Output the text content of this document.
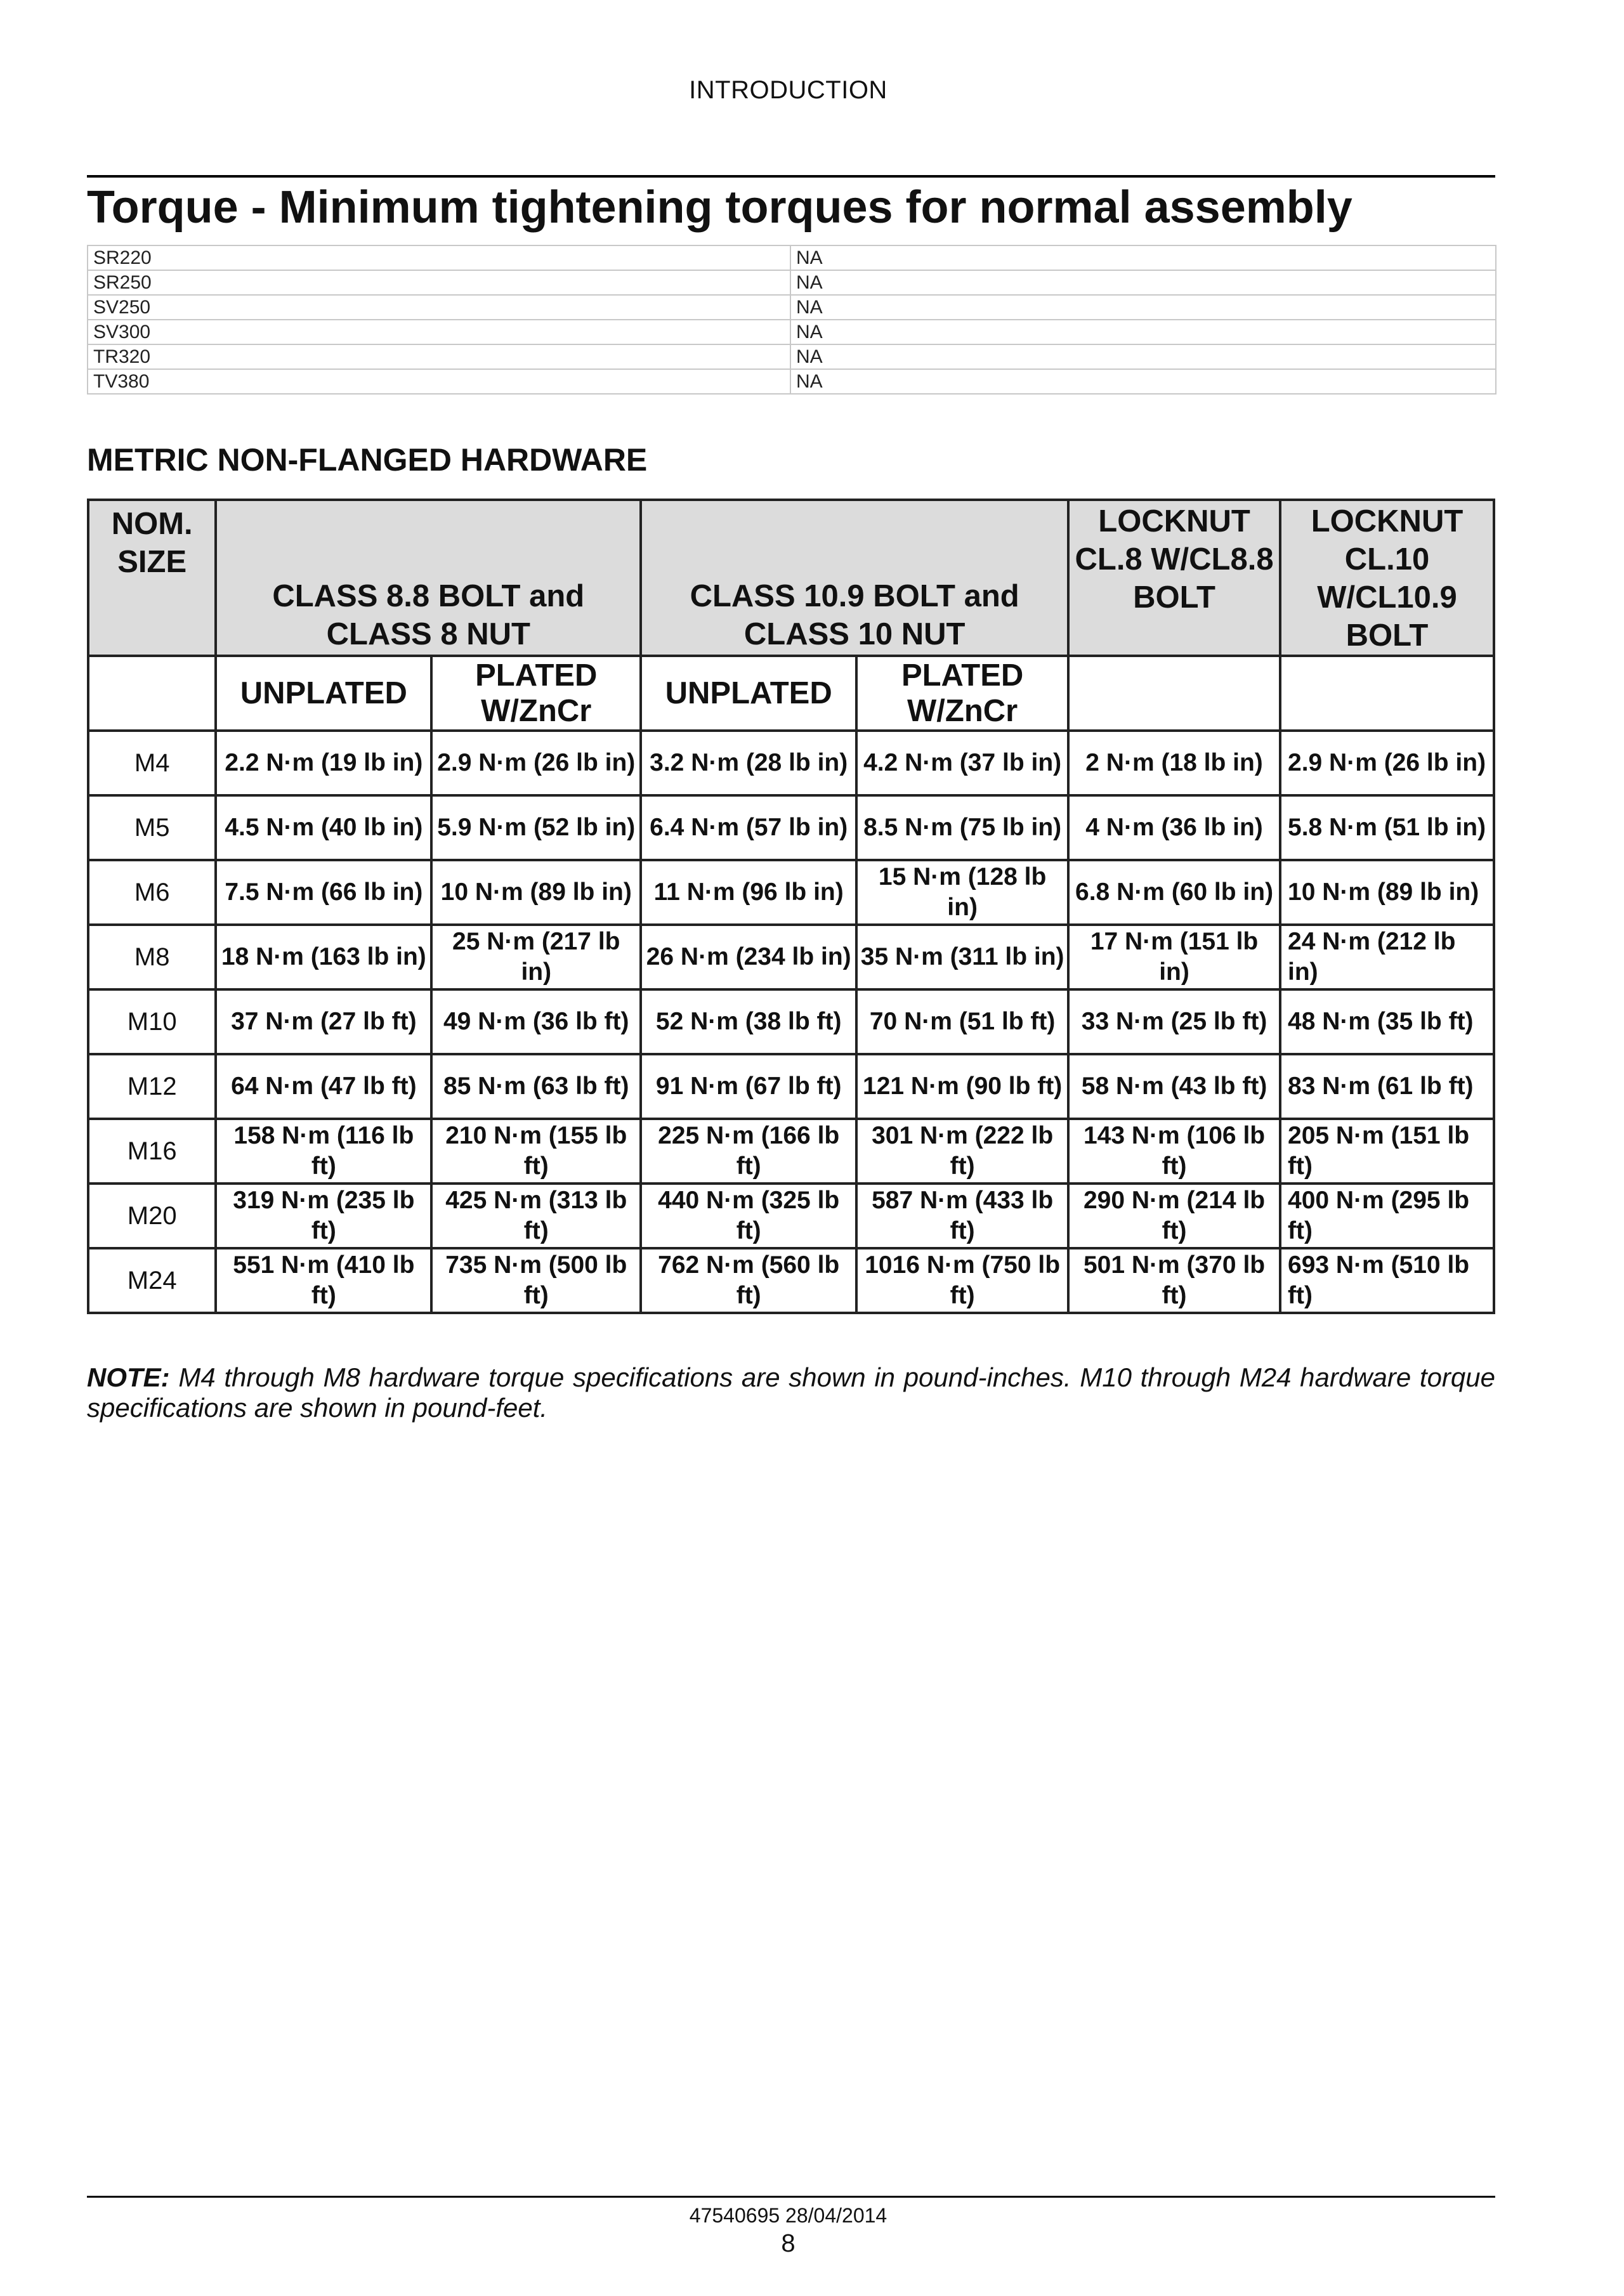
INTRODUCTION
Torque - Minimum tightening torques for normal assembly
SR220	NA
SR250	NA
SV250	NA
SV300	NA
TR320	NA
TV380	NA
METRIC NON-FLANGED HARDWARE
NOM. SIZE	CLASS 8.8 BOLT and CLASS 8 NUT		CLASS 10.9 BOLT and CLASS 10 NUT		LOCKNUT CL.8 W/CL8.8 BOLT	LOCKNUT CL.10 W/CL10.9 BOLT
	UNPLATED	PLATED W/ZnCr	UNPLATED	PLATED W/ZnCr		
M4	2.2 N·m (19 lb in)	2.9 N·m (26 lb in)	3.2 N·m (28 lb in)	4.2 N·m (37 lb in)	2 N·m (18 lb in)	2.9 N·m (26 lb in)
M5	4.5 N·m (40 lb in)	5.9 N·m (52 lb in)	6.4 N·m (57 lb in)	8.5 N·m (75 lb in)	4 N·m (36 lb in)	5.8 N·m (51 lb in)
M6	7.5 N·m (66 lb in)	10 N·m (89 lb in)	11 N·m (96 lb in)	15 N·m (128 lb in)	6.8 N·m (60 lb in)	10 N·m (89 lb in)
M8	18 N·m (163 lb in)	25 N·m (217 lb in)	26 N·m (234 lb in)	35 N·m (311 lb in)	17 N·m (151 lb in)	24 N·m (212 lb in)
M10	37 N·m (27 lb ft)	49 N·m (36 lb ft)	52 N·m (38 lb ft)	70 N·m (51 lb ft)	33 N·m (25 lb ft)	48 N·m (35 lb ft)
M12	64 N·m (47 lb ft)	85 N·m (63 lb ft)	91 N·m (67 lb ft)	121 N·m (90 lb ft)	58 N·m (43 lb ft)	83 N·m (61 lb ft)
M16	158 N·m (116 lb ft)	210 N·m (155 lb ft)	225 N·m (166 lb ft)	301 N·m (222 lb ft)	143 N·m (106 lb ft)	205 N·m (151 lb ft)
M20	319 N·m (235 lb ft)	425 N·m (313 lb ft)	440 N·m (325 lb ft)	587 N·m (433 lb ft)	290 N·m (214 lb ft)	400 N·m (295 lb ft)
M24	551 N·m (410 lb ft)	735 N·m (500 lb ft)	762 N·m (560 lb ft)	1016 N·m (750 lb ft)	501 N·m (370 lb ft)	693 N·m (510 lb ft)
NOTE: M4 through M8 hardware torque specifications are shown in pound-inches. M10 through M24 hardware torque specifications are shown in pound-feet.
47540695 28/04/2014
8
